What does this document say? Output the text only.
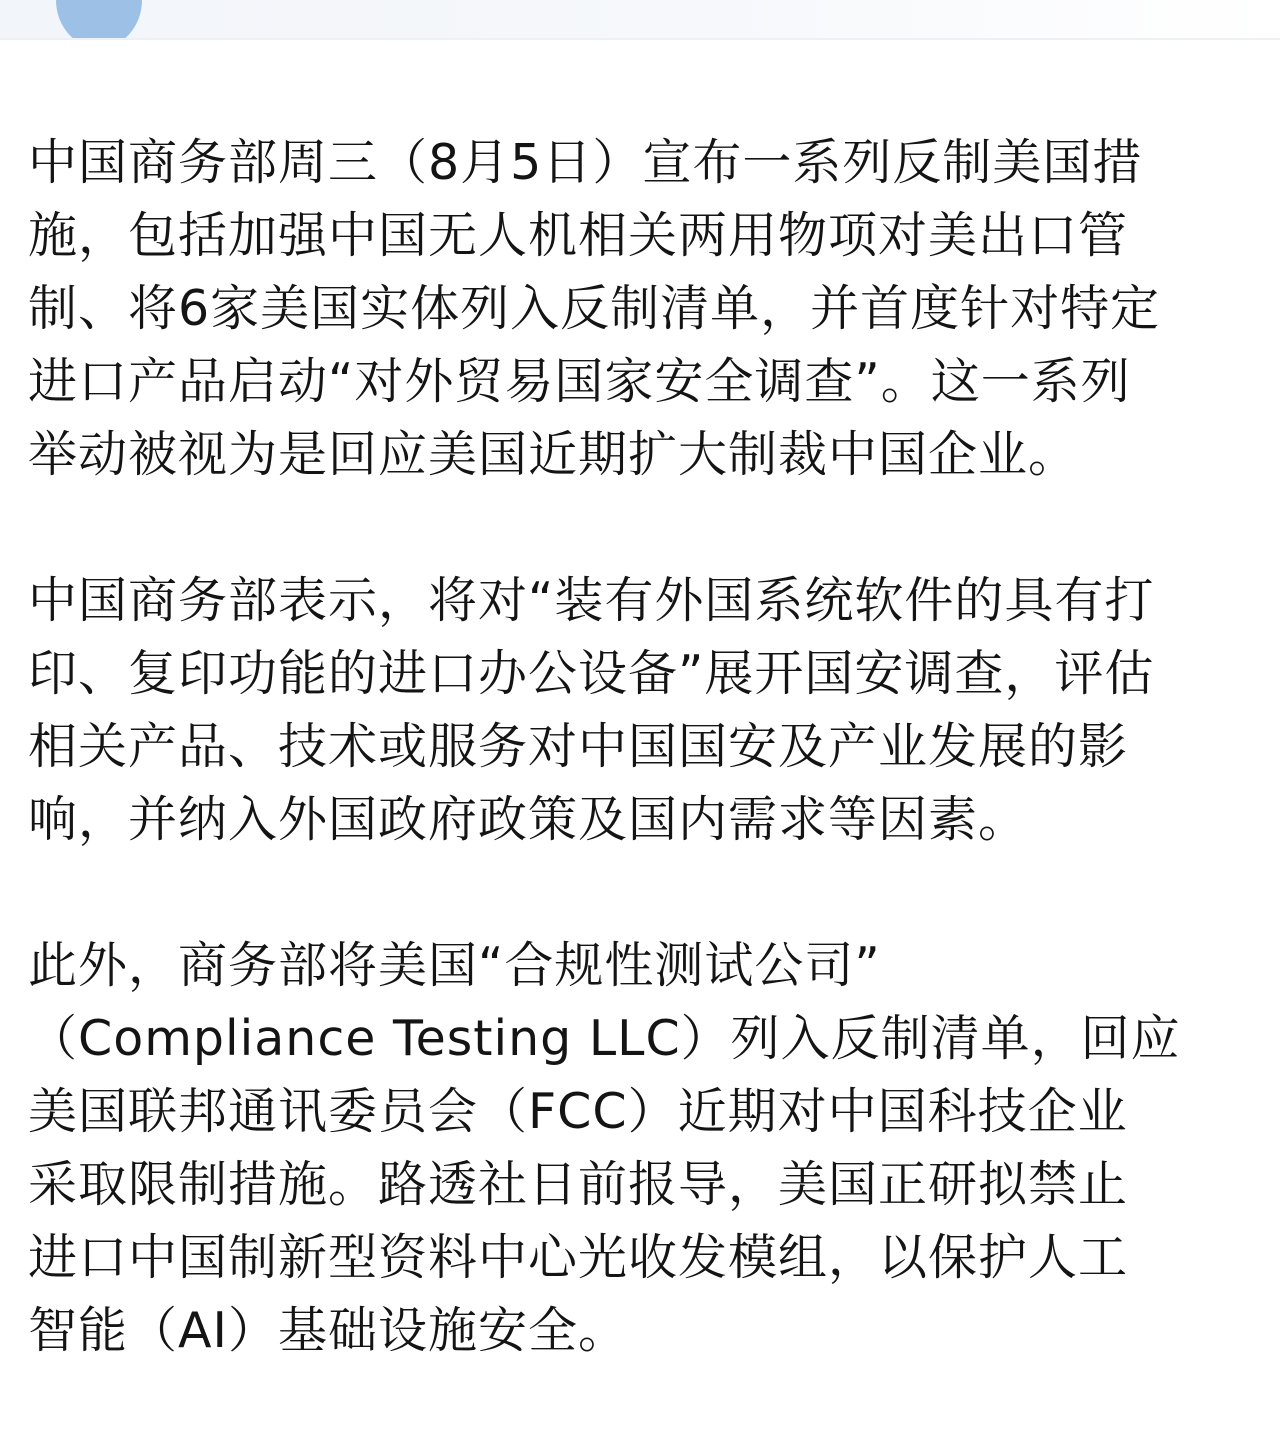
中国商务部周三（8月5日）宣布一系列反制美国措
施，包括加强中国无人机相关两用物项对美出口管
制、将6家美国实体列入反制清单，并首度针对特定
进口产品启动“对外贸易国家安全调查”。这一系列
举动被视为是回应美国近期扩大制裁中国企业。

中国商务部表示，将对“装有外国系统软件的具有打
印、复印功能的进口办公设备”展开国安调查，评估
相关产品、技术或服务对中国国安及产业发展的影
响，并纳入外国政府政策及国内需求等因素。

此外，商务部将美国“合规性测试公司”
（Compliance Testing LLC）列入反制清单，回应
美国联邦通讯委员会（FCC）近期对中国科技企业
采取限制措施。路透社日前报导，美国正研拟禁止
进口中国制新型资料中心光收发模组，以保护人工
智能（AI）基础设施安全。
